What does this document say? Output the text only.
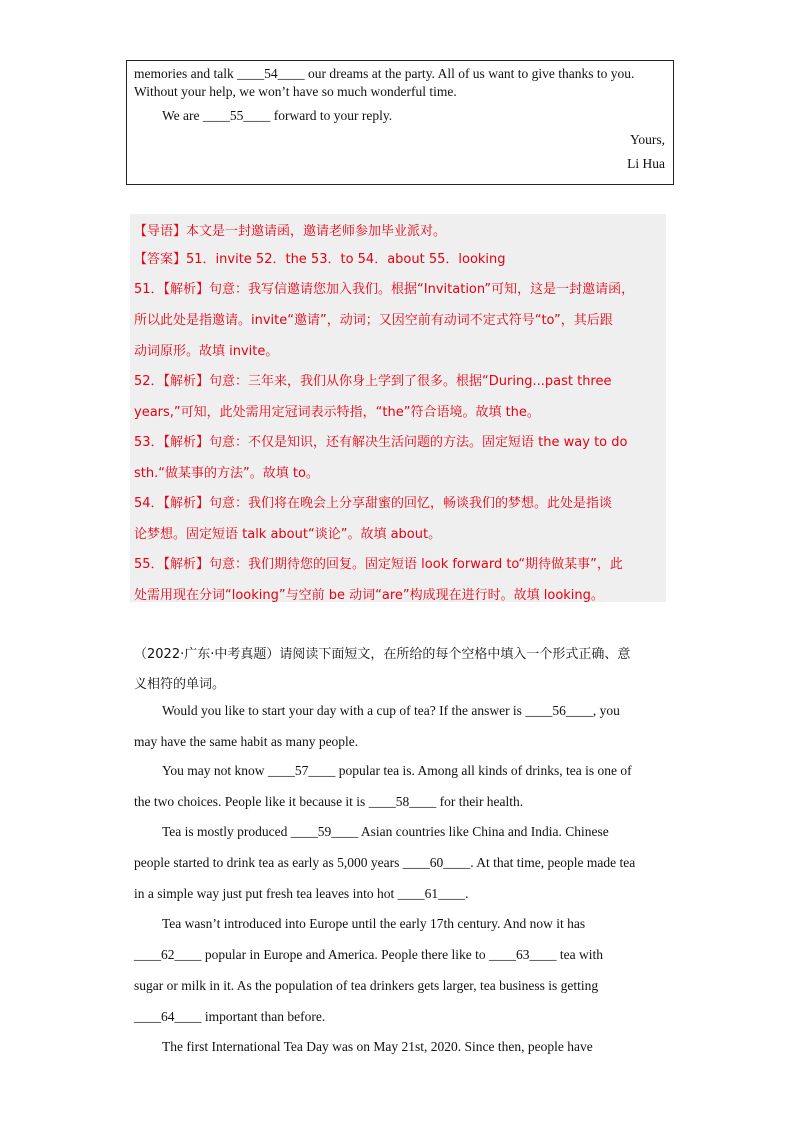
memories and talk ____54____ our dreams at the party. All of us want to give thanks to you.
Without your help, we won’t have so much wonderful time.
We are ____55____ forward to your reply.
Yours,
Li Hua
【导语】本文是一封邀请函，邀请老师参加毕业派对。
【答案】51．invite 52．the 53．to 54．about 55．looking
51．【解析】句意：我写信邀请您加入我们。根据“Invitation”可知，这是一封邀请函，
所以此处是指邀请。invite“邀请”，动词；又因空前有动词不定式符号“to”，其后跟
动词原形。故填 invite。
52．【解析】句意：三年来，我们从你身上学到了很多。根据“During...past three
years,”可知，此处需用定冠词表示特指，“the”符合语境。故填 the。
53．【解析】句意：不仅是知识，还有解决生活问题的方法。固定短语 the way to do
sth.“做某事的方法”。故填 to。
54．【解析】句意：我们将在晚会上分享甜蜜的回忆，畅谈我们的梦想。此处是指谈
论梦想。固定短语 talk about“谈论”。故填 about。
55．【解析】句意：我们期待您的回复。固定短语 look forward to“期待做某事”，此
处需用现在分词“looking”与空前 be 动词“are”构成现在进行时。故填 looking。
（2022·广东·中考真题）请阅读下面短文，在所给的每个空格中填入一个形式正确、意
义相符的单词。
Would you like to start your day with a cup of tea? If the answer is ____56____, you
may have the same habit as many people.
You may not know ____57____ popular tea is. Among all kinds of drinks, tea is one of
the two choices. People like it because it is ____58____ for their health.
Tea is mostly produced ____59____ Asian countries like China and India. Chinese
people started to drink tea as early as 5,000 years ____60____. At that time, people made tea
in a simple way just put fresh tea leaves into hot ____61____.
Tea wasn’t introduced into Europe until the early 17th century. And now it has
____62____ popular in Europe and America. People there like to ____63____ tea with
sugar or milk in it. As the population of tea drinkers gets larger, tea business is getting
____64____ important than before.
The first International Tea Day was on May 21st, 2020. Since then, people have
